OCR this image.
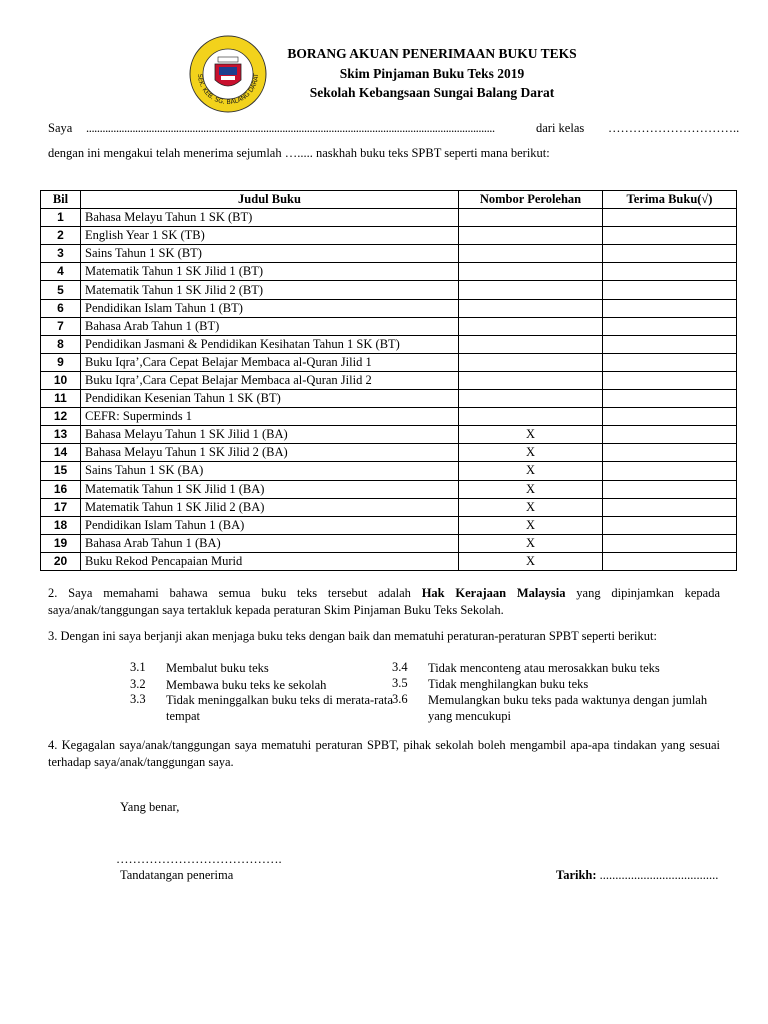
SEK. KEB. SG. BALANG DARAT
BORANG AKUAN PENERIMAAN BUKU TEKS
Skim Pinjaman Buku Teks 2019
Sekolah Kebangsaan Sungai Balang Darat
Saya ......................................................................................................................................................	dari kelas …………………………..
dengan ini mengakui telah menerima sejumlah …..... naskhah buku teks SPBT seperti mana berikut:
Bil	Judul Buku	Nombor Perolehan	Terima Buku(√)
1	Bahasa Melayu Tahun 1 SK (BT)		
2	English Year 1 SK (TB)		
3	Sains Tahun 1 SK (BT)		
4	Matematik Tahun 1 SK Jilid 1 (BT)		
5	Matematik Tahun 1 SK Jilid 2 (BT)		
6	Pendidikan Islam Tahun 1 (BT)		
7	Bahasa Arab Tahun 1 (BT)		
8	Pendidikan Jasmani & Pendidikan Kesihatan Tahun 1 SK (BT)		
9	Buku Iqra’,Cara Cepat Belajar Membaca al-Quran Jilid 1		
10	Buku Iqra’,Cara Cepat Belajar Membaca al-Quran Jilid 2		
11	Pendidikan Kesenian Tahun 1 SK (BT)		
12	CEFR: Superminds 1		
13	Bahasa Melayu Tahun 1 SK Jilid 1 (BA)	X	
14	Bahasa Melayu Tahun 1 SK Jilid 2 (BA)	X	
15	Sains Tahun 1 SK (BA)	X	
16	Matematik Tahun 1 SK Jilid 1 (BA)	X	
17	Matematik Tahun 1 SK Jilid 2 (BA)	X	
18	Pendidikan Islam Tahun 1 (BA)	X	
19	Bahasa Arab Tahun 1 (BA)	X	
20	Buku Rekod Pencapaian Murid	X	
2. Saya memahami bahawa semua buku teks tersebut adalah Hak Kerajaan Malaysia yang dipinjamkan kepada saya/anak/tanggungan saya tertakluk kepada peraturan Skim Pinjaman Buku Teks Sekolah.
3. Dengan ini saya berjanji akan menjaga buku teks dengan baik dan mematuhi peraturan-peraturan SPBT seperti berikut:
3.1 Membalut buku teks
3.2 Membawa buku teks ke sekolah
3.3 Tidak meninggalkan buku teks di merata-rata tempat
3.4 Tidak menconteng atau merosakkan buku teks
3.5 Tidak menghilangkan buku teks
3.6 Memulangkan buku teks pada waktunya dengan jumlah yang mencukupi
4. Kegagalan saya/anak/tanggungan saya mematuhi peraturan SPBT, pihak sekolah boleh mengambil apa-apa tindakan yang sesuai terhadap saya/anak/tanggungan saya.
Yang benar,
………………………………….
Tandatangan penerima	Tarikh: ......................................
